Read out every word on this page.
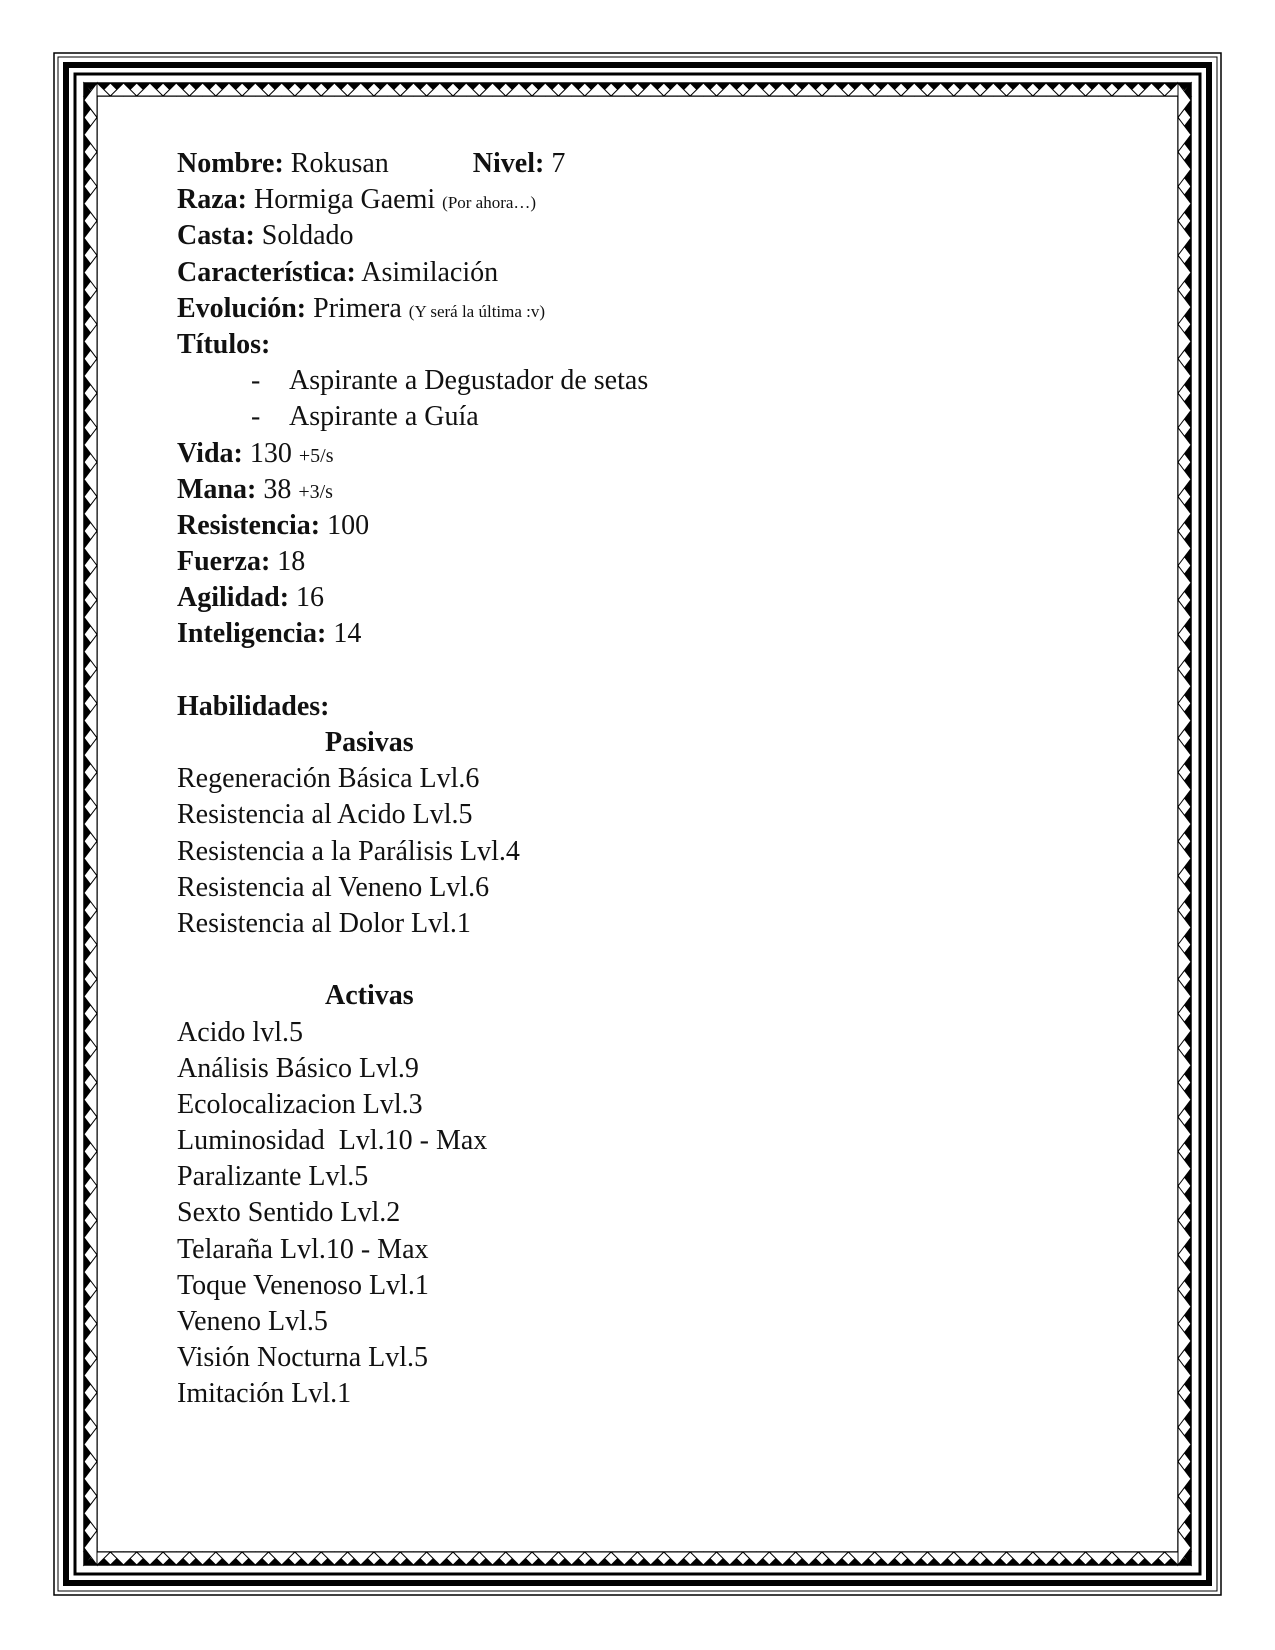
Nombre: Rokusan	Nivel: 7
Raza: Hormiga Gaemi (Por ahora…)
Casta: Soldado
Característica: Asimilación
Evolución: Primera (Y será la última :v)
Títulos:
- Aspirante a Degustador de setas
- Aspirante a Guía
Vida: 130 +5/s
Mana: 38 +3/s
Resistencia: 100
Fuerza: 18
Agilidad: 16
Inteligencia: 14
Habilidades:
Pasivas
Regeneración Básica Lvl.6
Resistencia al Acido Lvl.5
Resistencia a la Parálisis Lvl.4
Resistencia al Veneno Lvl.6
Resistencia al Dolor Lvl.1
Activas
Acido lvl.5
Análisis Básico Lvl.9
Ecolocalizacion Lvl.3
Luminosidad  Lvl.10 - Max
Paralizante Lvl.5
Sexto Sentido Lvl.2
Telaraña Lvl.10 - Max
Toque Venenoso Lvl.1
Veneno Lvl.5
Visión Nocturna Lvl.5
Imitación Lvl.1
